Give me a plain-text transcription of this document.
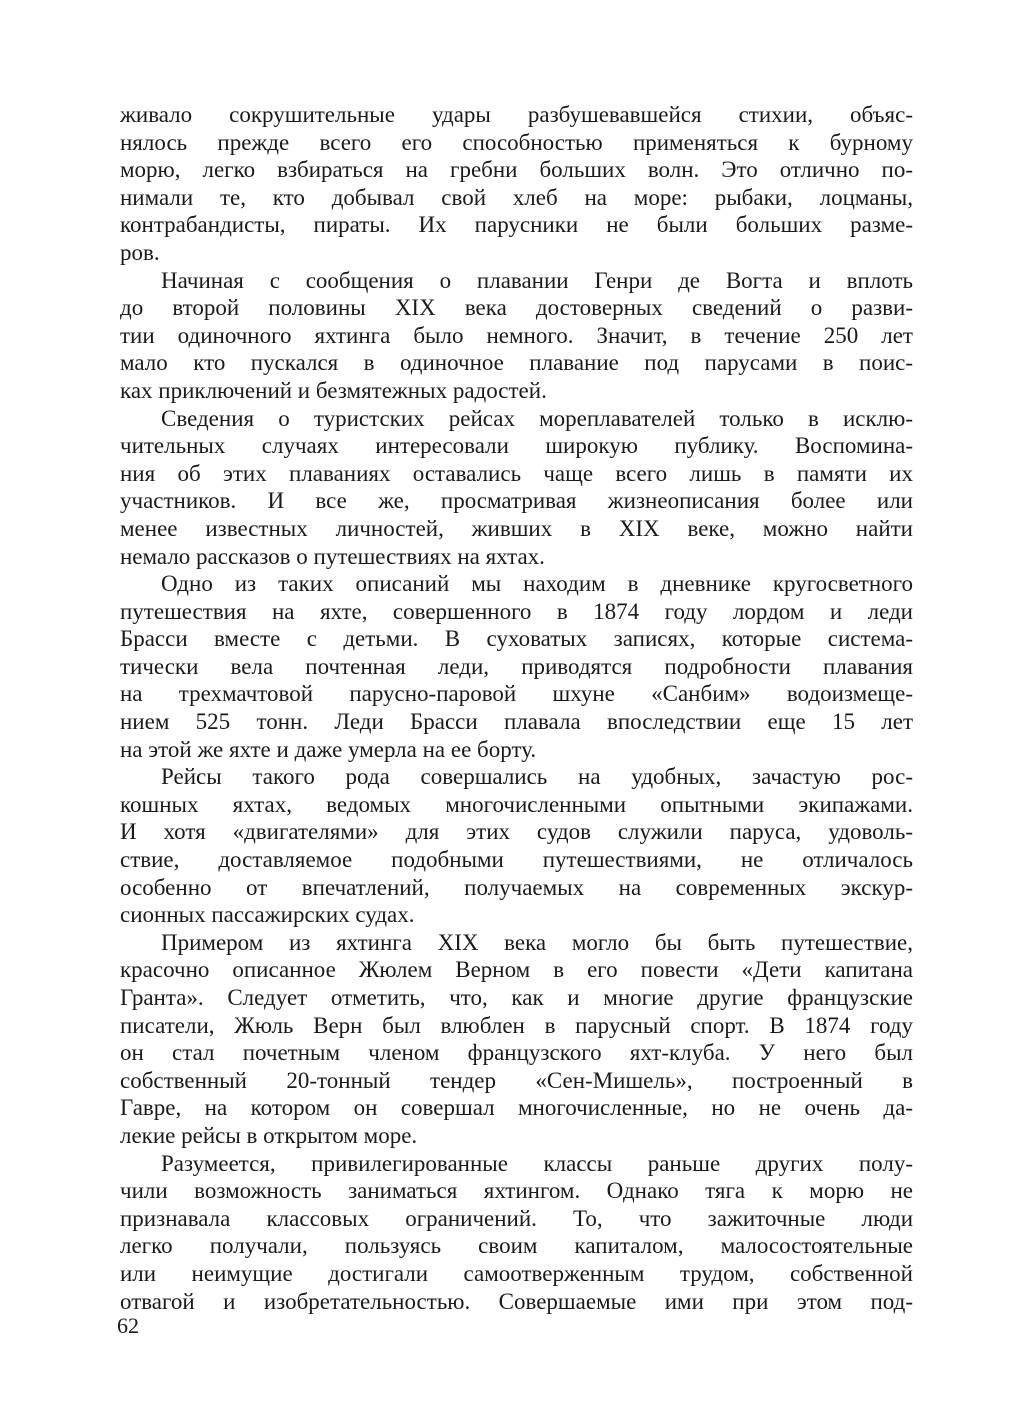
живало сокрушительные удары разбушевавшейся стихии, объяс-
нялось прежде всего его способностью применяться к бурному
морю, легко взбираться на гребни больших волн. Это отлично по-
нимали те, кто добывал свой хлеб на море: рыбаки, лоцманы,
контрабандисты, пираты. Их парусники не были больших разме-
ров.
Начиная с сообщения о плавании Генри де Вогта и вплоть
до второй половины XIX века достоверных сведений о разви-
тии одиночного яхтинга было немного. Значит, в течение 250 лет
мало кто пускался в одиночное плавание под парусами в поис-
ках приключений и безмятежных радостей.
Сведения о туристских рейсах мореплавателей только в исклю-
чительных случаях интересовали широкую публику. Воспомина-
ния об этих плаваниях оставались чаще всего лишь в памяти их
участников. И все же, просматривая жизнеописания более или
менее известных личностей, живших в XIX веке, можно найти
немало рассказов о путешествиях на яхтах.
Одно из таких описаний мы находим в дневнике кругосветного
путешествия на яхте, совершенного в 1874 году лордом и леди
Брасси вместе с детьми. В суховатых записях, которые система-
тически вела почтенная леди, приводятся подробности плавания
на трехмачтовой парусно-паровой шхуне «Санбим» водоизмеще-
нием 525 тонн. Леди Брасси плавала впоследствии еще 15 лет
на этой же яхте и даже умерла на ее борту.
Рейсы такого рода совершались на удобных, зачастую рос-
кошных яхтах, ведомых многочисленными опытными экипажами.
И хотя «двигателями» для этих судов служили паруса, удоволь-
ствие, доставляемое подобными путешествиями, не отличалось
особенно от впечатлений, получаемых на современных экскур-
сионных пассажирских судах.
Примером из яхтинга XIX века могло бы быть путешествие,
красочно описанное Жюлем Верном в его повести «Дети капитана
Гранта». Следует отметить, что, как и многие другие французские
писатели, Жюль Верн был влюблен в парусный спорт. В 1874 году
он стал почетным членом французского яхт-клуба. У него был
собственный 20-тонный тендер «Сен-Мишель», построенный в
Гавре, на котором он совершал многочисленные, но не очень да-
лекие рейсы в открытом море.
Разумеется, привилегированные классы раньше других полу-
чили возможность заниматься яхтингом. Однако тяга к морю не
признавала классовых ограничений. То, что зажиточные люди
легко получали, пользуясь своим капиталом, малосостоятельные
или неимущие достигали самоотверженным трудом, собственной
отвагой и изобретательностью. Совершаемые ими при этом под-
62
